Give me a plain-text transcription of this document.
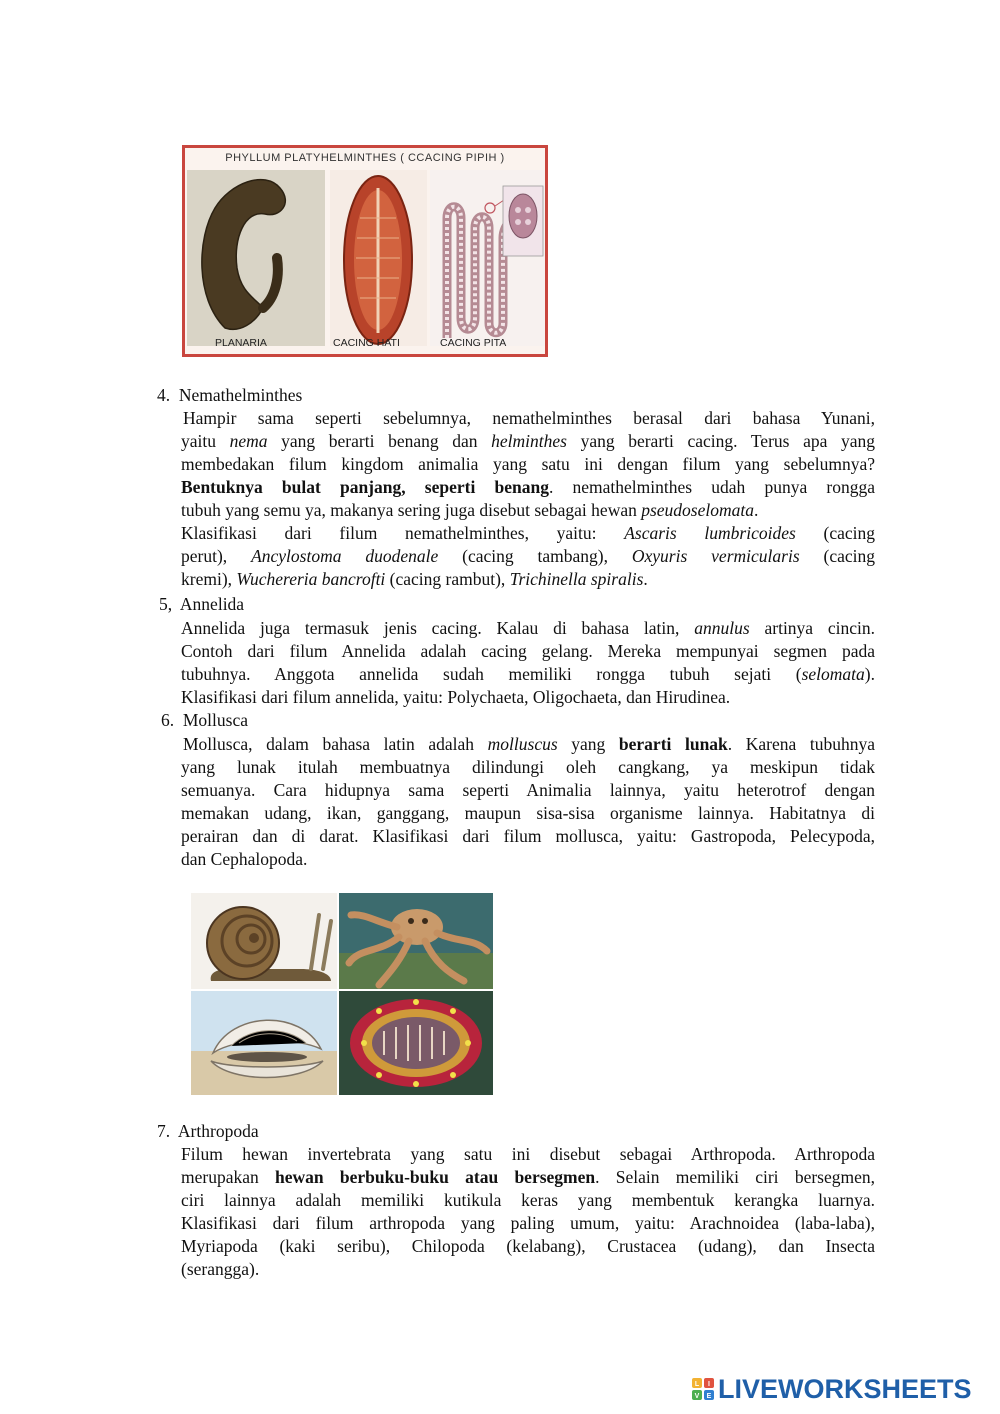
PHYLLUM PLATYHELMINTHES ( CCACING PIPIH )
PLANARIA	CACING HATI	CACING PITA
4. Nemathelminthes
Hampir sama seperti sebelumnya, nemathelminthes berasal dari bahasa Yunani,
yaitu nema yang berarti benang dan helminthes yang berarti cacing. Terus apa yang
membedakan filum kingdom animalia yang satu ini dengan filum yang sebelumnya?
Bentuknya bulat panjang, seperti benang. nemathelminthes udah punya rongga
tubuh yang semu ya, makanya sering juga disebut sebagai hewan pseudoselomata.
Klasifikasi dari filum nemathelminthes, yaitu: Ascaris lumbricoides (cacing
perut), Ancylostoma duodenale (cacing tambang), Oxyuris vermicularis (cacing
kremi), Wuchereria bancrofti (cacing rambut), Trichinella spiralis.
5, Annelida
Annelida juga termasuk jenis cacing. Kalau di bahasa latin, annulus artinya cincin.
Contoh dari filum Annelida adalah cacing gelang. Mereka mempunyai segmen pada
tubuhnya. Anggota annelida sudah memiliki rongga tubuh sejati (selomata).
Klasifikasi dari filum annelida, yaitu: Polychaeta, Oligochaeta, dan Hirudinea.
6. Mollusca
Mollusca, dalam bahasa latin adalah molluscus yang berarti lunak. Karena tubuhnya
yang lunak itulah membuatnya dilindungi oleh cangkang, ya meskipun tidak
semuanya. Cara hidupnya sama seperti Animalia lainnya, yaitu heterotrof dengan
memakan udang, ikan, ganggang, maupun sisa-sisa organisme lainnya. Habitatnya di
perairan dan di darat. Klasifikasi dari filum mollusca, yaitu: Gastropoda, Pelecypoda,
dan Cephalopoda.
7. Arthropoda
Filum hewan invertebrata yang satu ini disebut sebagai Arthropoda. Arthropoda
merupakan hewan berbuku-buku atau bersegmen. Selain memiliki ciri bersegmen,
ciri lainnya adalah memiliki kutikula keras yang membentuk kerangka luarnya.
Klasifikasi dari filum arthropoda yang paling umum, yaitu: Arachnoidea (laba-laba),
Myriapoda (kaki seribu), Chilopoda (kelabang), Crustacea (udang), dan Insecta
(serangga).
L I
V E LIVEWORKSHEETS
